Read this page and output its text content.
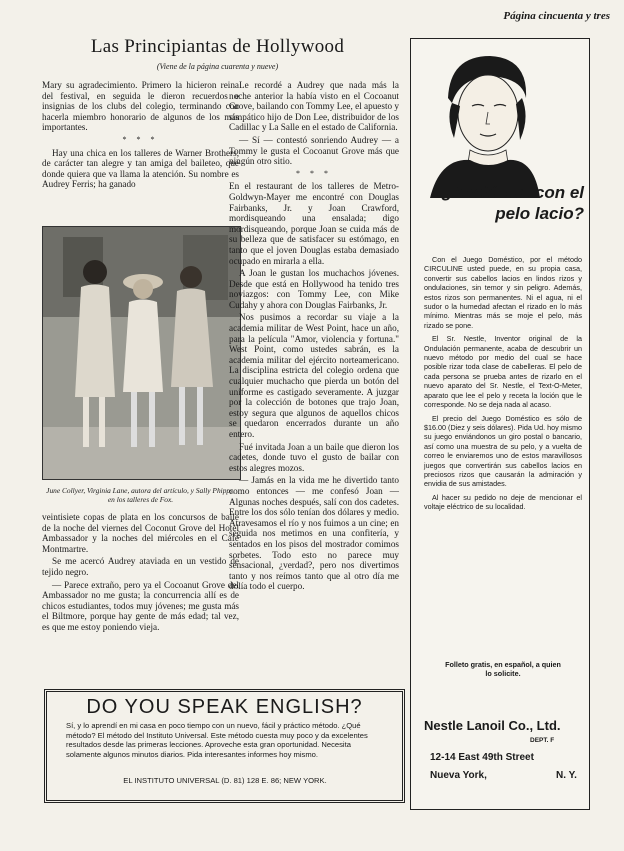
Página cincuenta y tres
Las Principiantas de Hollywood
(Viene de la página cuarenta y nueve)

Mary su agradecimiento. Primero la hicieron reina del festival, en seguida le dieron recuerdos e insignias de los clubs del colegio, terminando con hacerla miembro honorario de algunos de los más importantes.

* * *

Hay una chica en los talleres de Warner Brothers, de carácter tan alegre y tan amiga del baileteo, que donde quiera que va llama la atención. Su nombre es Audrey Ferris; ha ganado

June Collyer, Virginia Lane, autora del artículo, y Sally Phipps, en los talleres de Fox.

veintisiete copas de plata en los concursos de baile de la noche del viernes del Coconut Grove del Hotel Ambassador y la noches del miércoles en el Café Montmartre.

Se me acercó Audrey ataviada en un vestido de tejido negro.

— Parece extraño, pero ya el Cocoanut Grove del Ambassador no me gusta; la concurrencia allí es de chicos estudiantes, todos muy jóvenes; me gusta más el Biltmore, porque hay gente de más edad; tal vez, es que me estoy poniendo vieja.

Le recordé a Audrey que nada más la noche anterior la había visto en el Cocoanut Grove, bailando con Tommy Lee, el apuesto y simpático hijo de Don Lee, distribuidor de los Cadillac y La Salle en el estado de California.

— Sí — contestó sonriendo Audrey — a Tommy le gusta el Cocoanut Grove más que ningún otro sitio.

* * *

En el restaurant de los talleres de Metro-Goldwyn-Mayer me encontré con Douglas Fairbanks, Jr. y Joan Crawford, mordisqueando una ensalada; digo mordisqueando, porque Joan se cuida más de su belleza que de satisfacer su estómago, en tanto que el joven Douglas estaba demasiado ocupado en mirarla a ella.

A Joan le gustan los muchachos jóvenes. Desde que está en Hollywood ha tenido tres noviazgos: con Tommy Lee, con Mike Cudahy y ahora con Douglas Fairbanks, Jr.

Nos pusimos a recordar su viaje a la academia militar de West Point, hace un año, para la película "Amor, violencia y fortuna." West Point, como ustedes sabrán, es la academia militar del ejército norteamericano. La disciplina estricta del colegio ordena que cualquier muchacho que pierda un botón del uniforme es castigado severamente. A juzgar por la colección de botones que trajo Joan, estoy segura que algunos de aquellos chicos se quedaron encerrados durante un año entero.

Fué invitada Joan a un baile que dieron los cadetes, donde tuvo el gusto de bailar con estos alegres mozos.

— Jamás en la vida me he divertido tanto como entonces — me confesó Joan — Algunas noches después, salí con dos cadetes. Entre los dos sólo tenían dos dólares y medio. Atravesamos el río y nos fuimos a un cine; en seguida nos metimos en una confitería, y sentados en los pisos del mostrador comimos sorbetes. Todo esto no parece muy sensacional, ¿verdad?, pero nos divertimos tanto y nos reímos tanto que al otro día me dolía todo el cuerpo.

¿Nació Ud. con el pelo lacio?

Con el Juego Doméstico, por el método CIRCULINE usted puede, en su propia casa, convertir sus cabellos lacios en lindos rizos y ondulaciones, sin temor y sin peligro. Además, estos rizos son permanentes. Ni el agua, ni el sudor o la humedad afectan el rizado en lo más mínimo. Mientras más se moje el pelo, más rizado se pone.

El Sr. Nestle, Inventor original de la Ondulación permanente, acaba de descubrir un nuevo método por medio del cual se hace posible rizar toda clase de cabelleras. El pelo de cada persona se prueba antes de rizarlo en el nuevo aparato del Sr. Nestle, el Text-O-Meter, aparato que lee el pelo y receta la loción que le corresponde. No se deja nada al acaso.

El precio del Juego Doméstico es sólo de $16.00 (Diez y seis dólares). Pida Ud. hoy mismo su juego enviándonos un giro postal o bancario, así como una muestra de su pelo, y a vuelta de correo le enviaremos uno de estos maravillosos juegos que convertirán sus cabellos lacios en preciosos rizos que causarán la admiración y envidia de sus amistades.

Al hacer su pedido no deje de mencionar el voltaje eléctrico de su localidad.

Folleto gratis, en español, a quien lo solicite.
Nestle Lanoil Co., Ltd.
DEPT. F
12-14 East 49th Street
Nueva York,	N. Y.
DO YOU SPEAK ENGLISH?
Sí, y lo aprendí en mi casa en poco tiempo con un nuevo, fácil y práctico método. ¿Qué método? El método del Instituto Universal. Este método cuesta muy poco y da excelentes resultados desde las primeras lecciones. Aproveche esta gran oportunidad. Necesita solamente algunos minutos diarios. Pida interesantes informes hoy mismo.
EL INSTITUTO UNIVERSAL (D. 81) 128 E. 86; NEW YORK.
